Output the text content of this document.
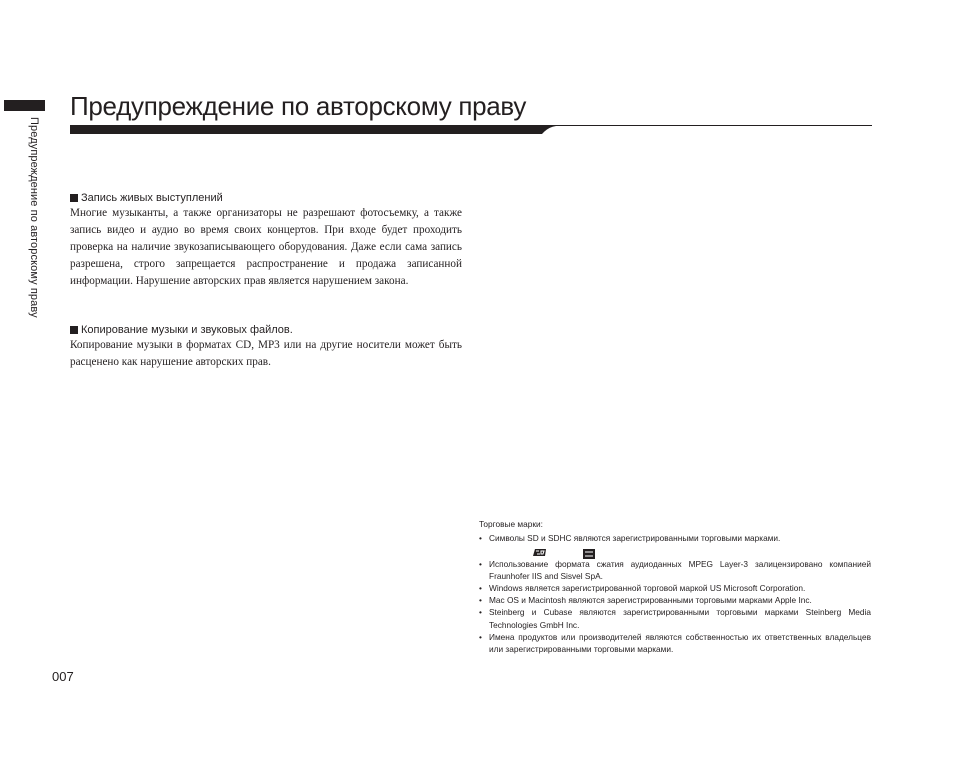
Предупреждение по авторскому праву
Предупреждение по авторскому праву
Запись живых выступлений

Многие музыканты, а также организаторы не разрешают фотосъемку, а также запись видео и аудио во время своих концертов. При входе будет проходить проверка на наличие звукозаписывающего оборудования. Даже если сама запись разрешена, строго запрещается распространение и продажа записанной информации. Нарушение авторских прав является нарушением закона.

Копирование музыки и звуковых файлов.

Копирование музыки в форматах CD, MP3 или на другие носители может быть расценено как нарушение авторских прав.

Торговые марки:
• Символы SD и SDHC являются зарегистрированными торговыми марками.
• Использование формата сжатия аудиоданных MPEG Layer-3 залицензировано компанией Fraunhofer IIS and Sisvel SpA.
• Windows является зарегистрированной торговой маркой US Microsoft Corporation.
• Mac OS и Macintosh являются зарегистрированными торговыми марками Apple Inc.
• Steinberg и Cubase являются зарегистрированными торговыми марками Steinberg Media Technologies GmbH Inc.
• Имена продуктов или производителей являются собственностью их ответственных владельцев или зарегистрированными торговыми марками.
007
